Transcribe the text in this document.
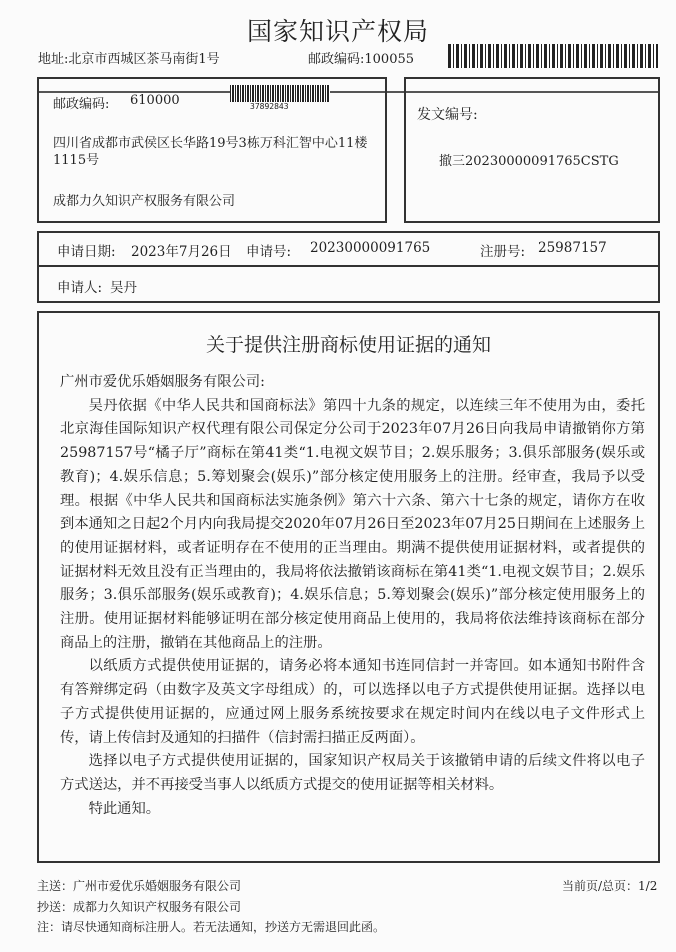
国家知识产权局
地址:北京市西城区茶马南街1号	邮政编码:100055
邮政编码: 610000	37892843
四川省成都市武侯区长华路19号3栋万科汇智中心11楼1115号
成都力久知识产权服务有限公司
发文编号:
撤三20230000091765CSTG
申请日期: 2023年7月26日 申请号: 20230000091765	注册号: 25987157
申请人: 吴丹
关于提供注册商标使用证据的通知

广州市爱优乐婚姻服务有限公司:

吴丹依据《中华人民共和国商标法》第四十九条的规定，以连续三年不使用为由，委托北京海佳国际知识产权代理有限公司保定分公司于2023年07月26日向我局申请撤销你方第25987157号“橘子厅”商标在第41类“1.电视文娱节目；2.娱乐服务；3.俱乐部服务(娱乐或教育)；4.娱乐信息；5.筹划聚会(娱乐)”部分核定使用服务上的注册。经审查，我局予以受理。根据《中华人民共和国商标法实施条例》第六十六条、第六十七条的规定，请你方在收到本通知之日起2个月内向我局提交2020年07月26日至2023年07月25日期间在上述服务上的使用证据材料，或者证明存在不使用的正当理由。期满不提供使用证据材料，或者提供的证据材料无效且没有正当理由的，我局将依法撤销该商标在第41类“1.电视文娱节目；2.娱乐服务；3.俱乐部服务(娱乐或教育)；4.娱乐信息；5.筹划聚会(娱乐)”部分核定使用服务上的注册。使用证据材料能够证明在部分核定使用商品上使用的，我局将依法维持该商标在部分商品上的注册，撤销在其他商品上的注册。

以纸质方式提供使用证据的，请务必将本通知书连同信封一并寄回。如本通知书附件含有答辩绑定码（由数字及英文字母组成）的，可以选择以电子方式提供使用证据。选择以电子方式提供使用证据的，应通过网上服务系统按要求在规定时间内在线以电子文件形式上传，请上传信封及通知的扫描件（信封需扫描正反两面）。

选择以电子方式提供使用证据的，国家知识产权局关于该撤销申请的后续文件将以电子方式送达，并不再接受当事人以纸质方式提交的使用证据等相关材料。

特此通知。

主送：广州市爱优乐婚姻服务有限公司
抄送：成都力久知识产权服务有限公司
注：请尽快通知商标注册人。若无法通知，抄送方无需退回此函。
当前页/总页：1/2
